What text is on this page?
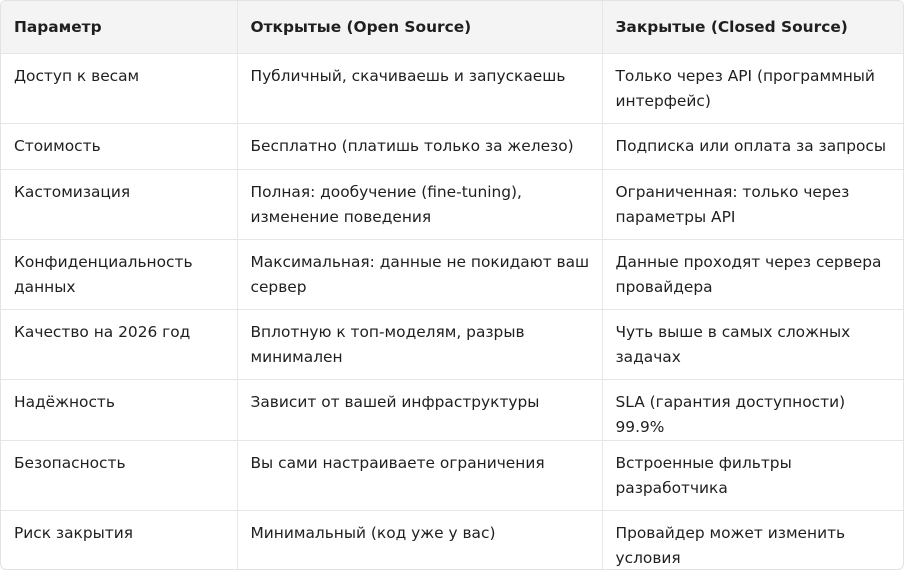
Параметр	Открытые (Open Source)	Закрытые (Closed Source)
Доступ к весам	Публичный, скачиваешь и запускаешь	Только через API (программный интерфейс)
Стоимость	Бесплатно (платишь только за железо)	Подписка или оплата за запросы
Кастомизация	Полная: дообучение (fine-tuning), изменение поведения	Ограниченная: только через параметры API
Конфиденциальность данных	Максимальная: данные не покидают ваш сервер	Данные проходят через сервера провайдера
Качество на 2026 год	Вплотную к топ-моделям, разрыв минимален	Чуть выше в самых сложных задачах
Надёжность	Зависит от вашей инфраструктуры	SLA (гарантия доступности) 99.9%
Безопасность	Вы сами настраиваете ограничения	Встроенные фильтры разработчика
Риск закрытия	Минимальный (код уже у вас)	Провайдер может изменить условия
